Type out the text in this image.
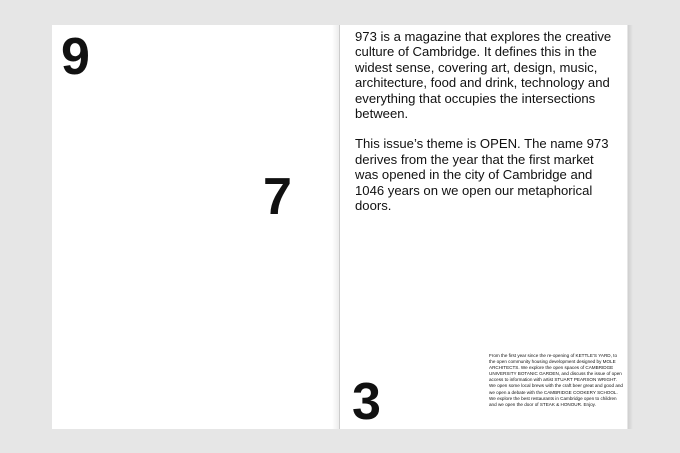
9
7

973 is a magazine that explores the creative culture of Cambridge. It defines this in the widest sense, covering art, design, music, architecture, food and drink, technology and everything that occupies the intersections between.

This issue’s theme is OPEN. The name 973 derives from the year that the first market was opened in the city of Cambridge and 1046 years on we open our metaphorical doors.

3
From the first year since the re-opening of KETTLE’S YARD, to the open community housing development designed by MOLE ARCHITECTS. We explore the open spaces of CAMBRIDGE UNIVERSITY BOTANIC GARDEN, and discuss the issue of open access to information with artist STUART PEARSON WRIGHT. We open some local brews with the craft beer great and good and we open a debate with the CAMBRIDGE COOKERY SCHOOL. We explore the best restaurants in Cambridge open to children and we open the door of STEAK & HONOUR. Enjoy.
